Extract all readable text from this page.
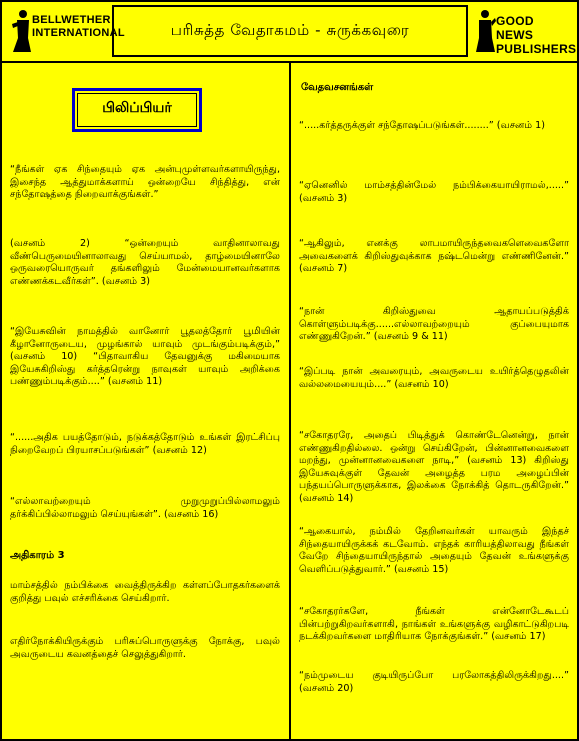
BELLWETHER
INTERNATIONAL	பரிசுத்த வேதாகமம் - சுருக்கவுரை	GOOD NEWS
PUBLISHERS
பிலிப்பியர்
“நீங்கள் ஏக சிந்தையும் ஏக அன்புமுள்ளவர்களாயிருந்து, இசைந்த ஆத்துமாக்களாய் ஒன்றையே சிந்தித்து, என் சந்தோஷத்தை நிறைவாக்குங்கள்.”
(வசனம் 2) “ஒன்றையும் வாதினாலாவது வீண்பெருமையினாலாவது செய்யாமல், தாழ்மையினாலே ஒருவரையொருவர் தங்களிலும் மேன்மையானவர்களாக எண்ணக்கடவீர்கள்”. (வசனம் 3)
“இயேசுவின் நாமத்தில் வானோர் பூதலத்தோர் பூமியின் கீழானோருடைய, முழங்கால் யாவும் முடங்கும்படிக்கும்,” (வசனம் 10) “பிதாவாகிய தேவனுக்கு மகிமையாக இயேசுகிறிஸ்து கர்த்தரென்று நாவுகள் யாவும் அறிக்கை பண்ணும்படிக்கும்....” (வசனம் 11)
“......அதிக பயத்தோடும், நடுக்கத்தோடும் உங்கள் இரட்சிப்பு நிறைவேறப் பிரயாசப்படுங்கள்” (வசனம் 12)
“எல்லாவற்றையும் முறுமுறுப்பில்லாமலும் தர்க்கிப்பில்லாமலும் செய்யுங்கள்”. (வசனம் 16)
அதிகாரம் 3
மாம்சத்தில் நம்பிக்கை வைத்திருக்கிற கள்ளப்போதகர்களைக் குறித்து பவுல் எச்சரிக்கை செய்கிறார்.
எதிர்நோக்கியிருக்கும் பரிசுப்பொருளுக்கு நோக்கு, பவுல் அவருடைய கவனத்தைச் செலுத்துகிறார்.
வேதவசனங்கள்
“.....கர்த்தருக்குள் சந்தோஷப்படுங்கள்........” (வசனம் 1)
“ஏனெனில் மாம்சத்தின்மேல் நம்பிக்கையாயிராமல்,.....” (வசனம் 3)
“ஆகிலும், எனக்கு லாபமாயிருந்தவைகளெவைகளோ அவைகளைக் கிறிஸ்துவுக்காக நஷ்டமென்று எண்ணினேன்.” (வசனம் 7)
“நான் கிறிஸ்துவை ஆதாயப்படுத்திக் கொள்ளும்படிக்கு......எல்லாவற்றையும் குப்பையுமாக எண்ணுகிறேன்.” (வசனம் 9 & 11)
“இப்படி நான் அவரையும், அவருடைய உயிர்த்தெழுதலின் வல்லமையையும்....” (வசனம் 10)
“சகோதரரே, அதைப் பிடித்துக் கொண்டேனென்று, நான் எண்ணுகிறதில்லை. ஒன்று செய்கிறேன், பின்னானவைகளை மறந்து, முன்னானவைகளை நாடி,” (வசனம் 13) கிறிஸ்து இயேசுவுக்குள் தேவன் அழைத்த பரம அழைப்பின் பந்தயப்பொருளுக்காக, இலக்கை நோக்கித் தொடருகிறேன்.” (வசனம் 14)
“ஆகையால், நம்மில் தேறினவர்கள் யாவரும் இந்தச் சிந்தையாயிருக்கக் கடவோம். எந்தக் காரியத்திலாவது நீங்கள் வேறே சிந்தையாயிருந்தால் அதையும் தேவன் உங்களுக்கு வெளிப்படுத்துவார்.” (வசனம் 15)
“சகோதரர்களே, நீங்கள் என்னோடேகூடப் பின்பற்றுகிறவர்களாகி, நாங்கள் உங்களுக்கு வழிகாட்டுகிறபடி நடக்கிறவர்களை மாதிரியாக நோக்குங்கள்.” (வசனம் 17)
“நம்முடைய குடியிருப்போ பரலோகத்திலிருக்கிறது....” (வசனம் 20)
